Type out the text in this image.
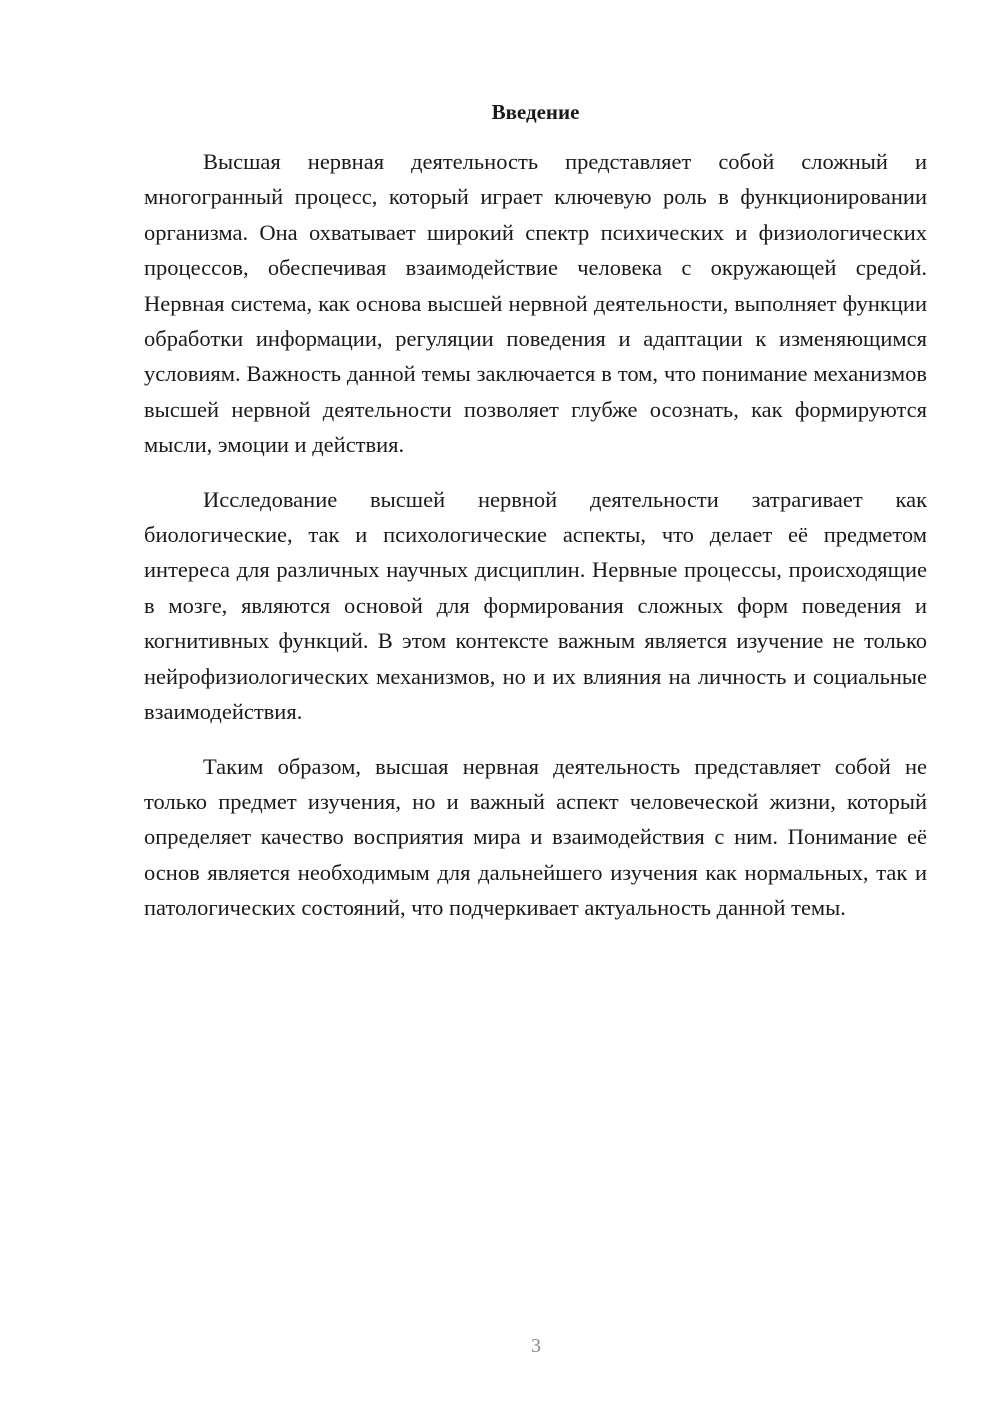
Введение

Высшая нервная деятельность представляет собой сложный и многогранный процесс, который играет ключевую роль в функционировании организма. Она охватывает широкий спектр психических и физиологических процессов, обеспечивая взаимодействие человека с окружающей средой. Нервная система, как основа высшей нервной деятельности, выполняет функции обработки информации, регуляции поведения и адаптации к изменяющимся условиям. Важность данной темы заключается в том, что понимание механизмов высшей нервной деятельности позволяет глубже осознать, как формируются мысли, эмоции и действия.

Исследование высшей нервной деятельности затрагивает как биологические, так и психологические аспекты, что делает её предметом интереса для различных научных дисциплин. Нервные процессы, происходящие в мозге, являются основой для формирования сложных форм поведения и когнитивных функций. В этом контексте важным является изучение не только нейрофизиологических механизмов, но и их влияния на личность и социальные взаимодействия.

Таким образом, высшая нервная деятельность представляет собой не только предмет изучения, но и важный аспект человеческой жизни, который определяет качество восприятия мира и взаимодействия с ним. Понимание её основ является необходимым для дальнейшего изучения как нормальных, так и патологических состояний, что подчеркивает актуальность данной темы.

3
